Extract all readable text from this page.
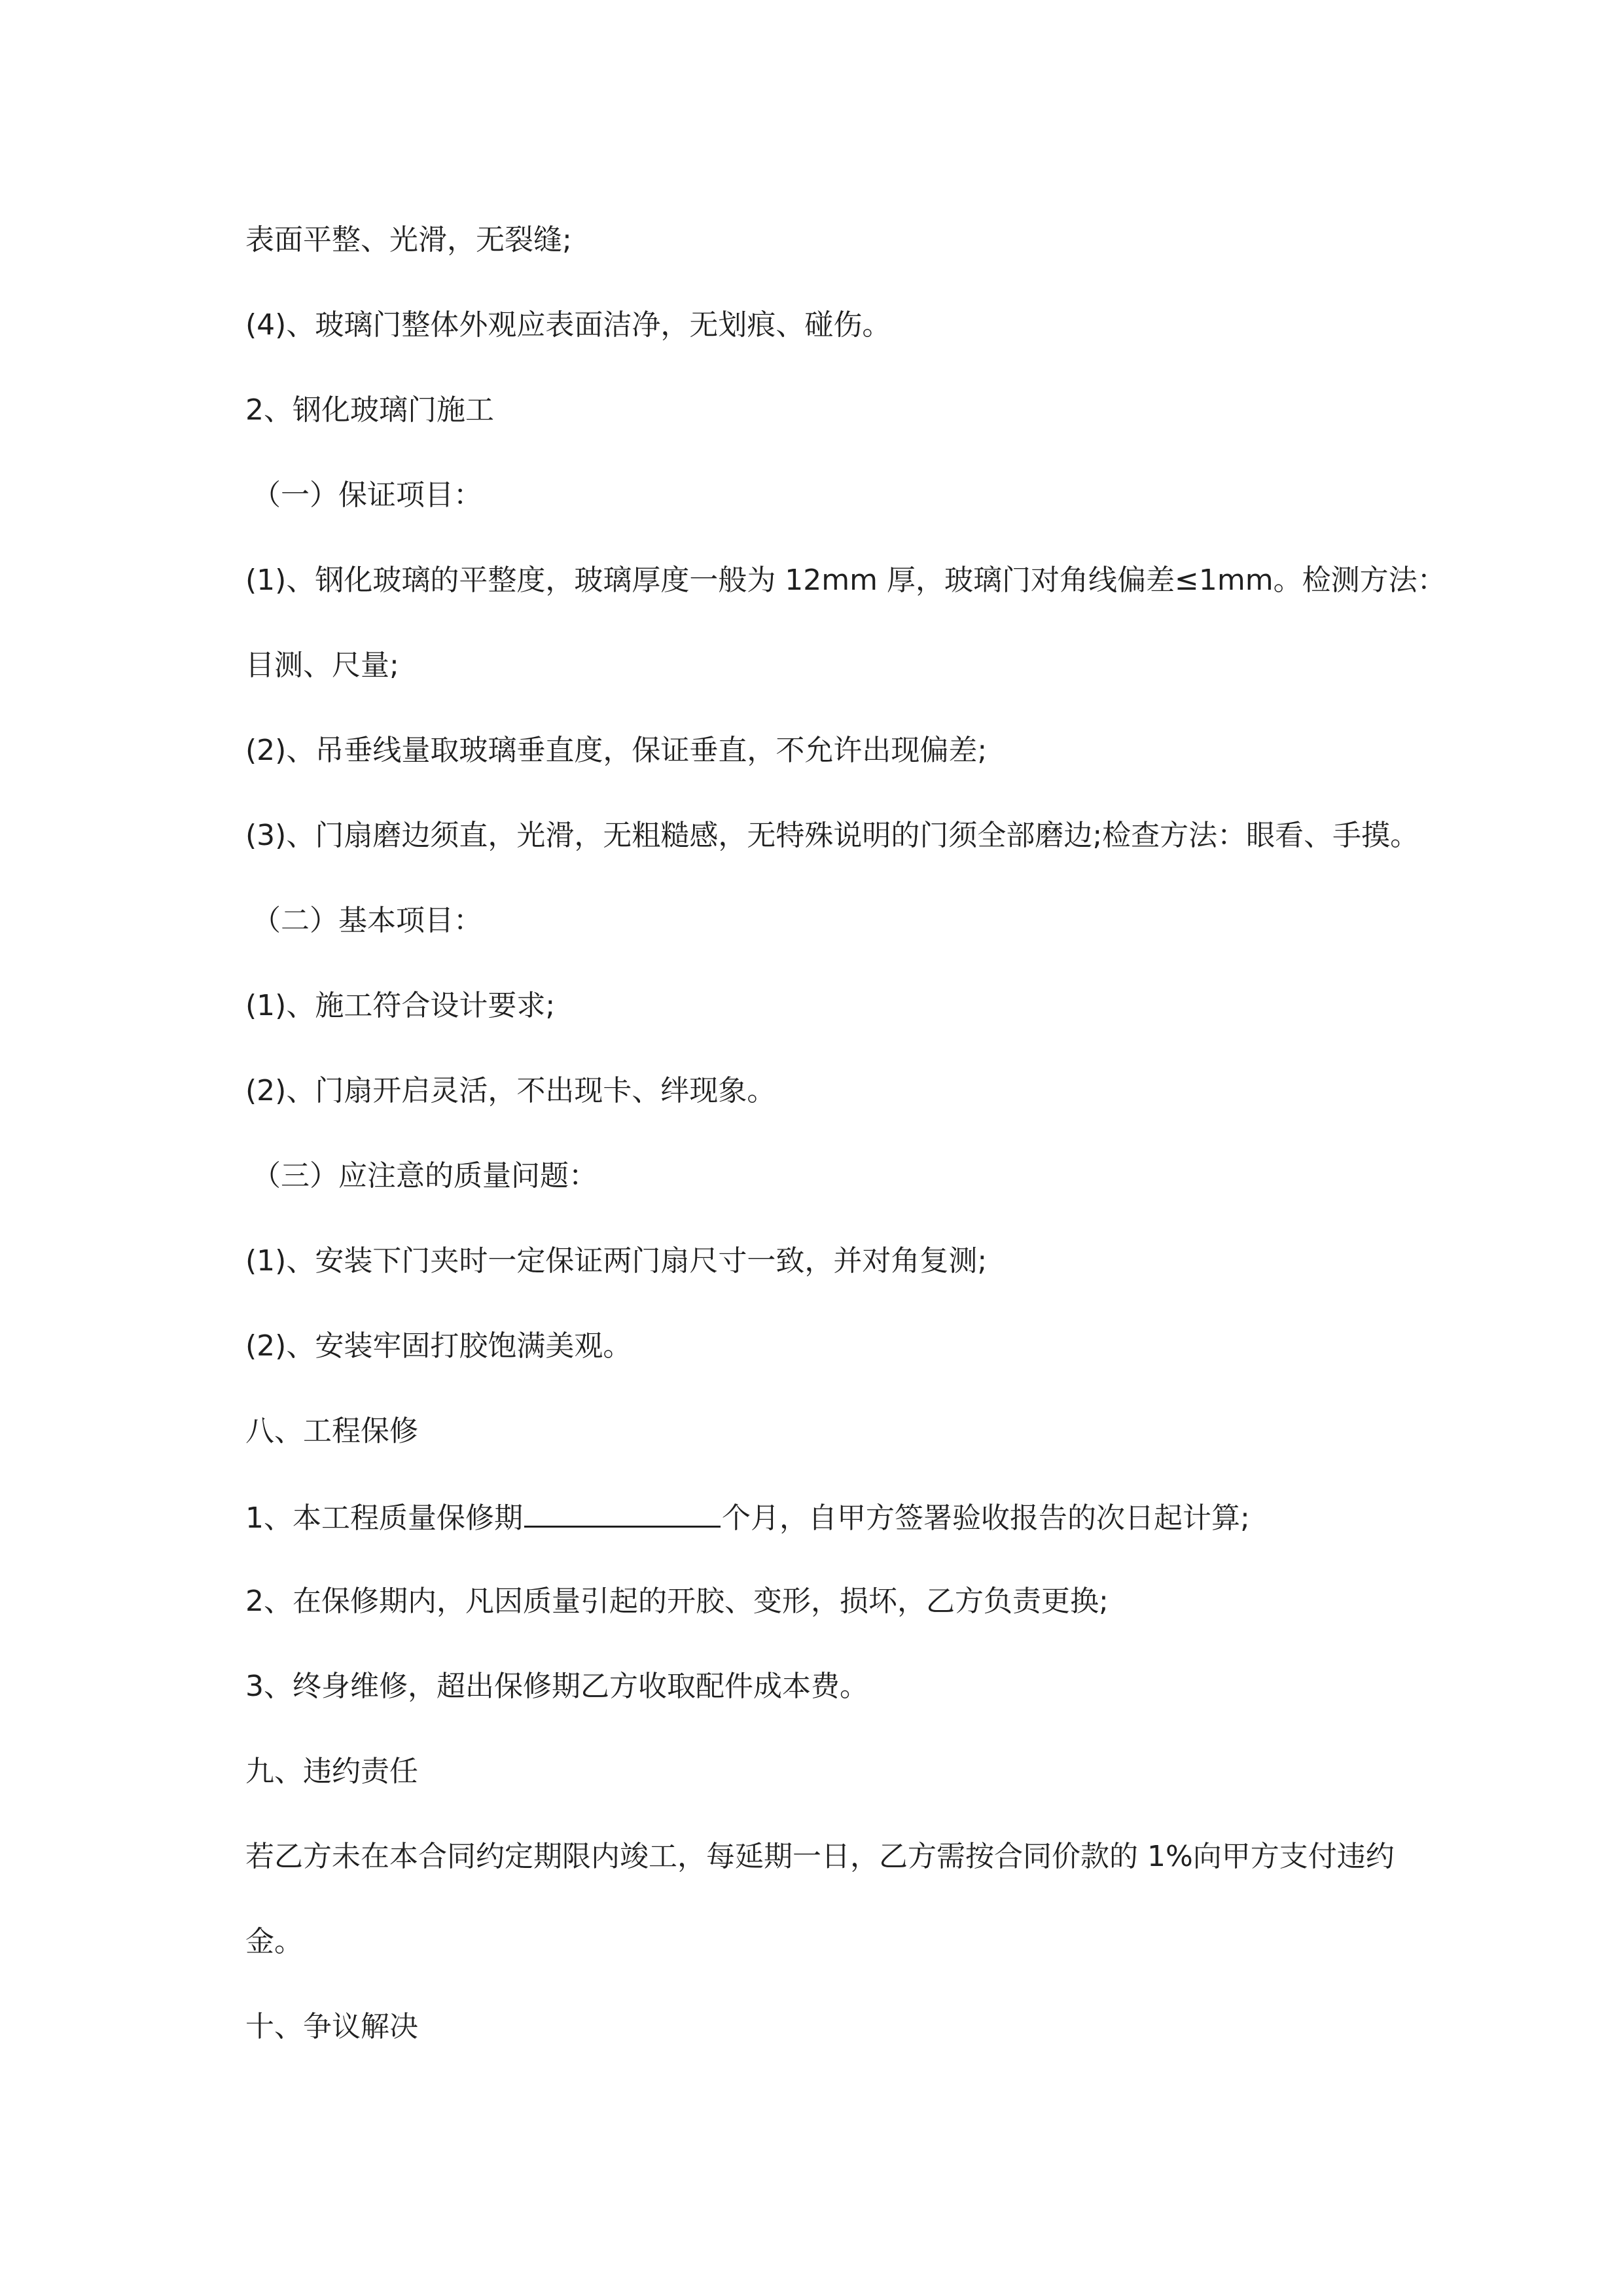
表面平整、光滑，无裂缝;

(4)、玻璃门整体外观应表面洁净，无划痕、碰伤。

2、钢化玻璃门施工

（一）保证项目：

(1)、钢化玻璃的平整度，玻璃厚度一般为 12mm 厚，玻璃门对角线偏差≤1mm。检测方法：

目测、尺量;

(2)、吊垂线量取玻璃垂直度，保证垂直，不允许出现偏差;

(3)、门扇磨边须直，光滑，无粗糙感，无特殊说明的门须全部磨边;检查方法：眼看、手摸。

（二）基本项目：

(1)、施工符合设计要求;

(2)、门扇开启灵活，不出现卡、绊现象。

（三）应注意的质量问题：

(1)、安装下门夹时一定保证两门扇尺寸一致，并对角复测;

(2)、安装牢固打胶饱满美观。

八、工程保修

1、本工程质量保修期	个月，自甲方签署验收报告的次日起计算;

2、在保修期内，凡因质量引起的开胶、变形，损坏，乙方负责更换;

3、终身维修，超出保修期乙方收取配件成本费。

九、违约责任

若乙方未在本合同约定期限内竣工，每延期一日，乙方需按合同价款的 1%向甲方支付违约

金。

十、争议解决
